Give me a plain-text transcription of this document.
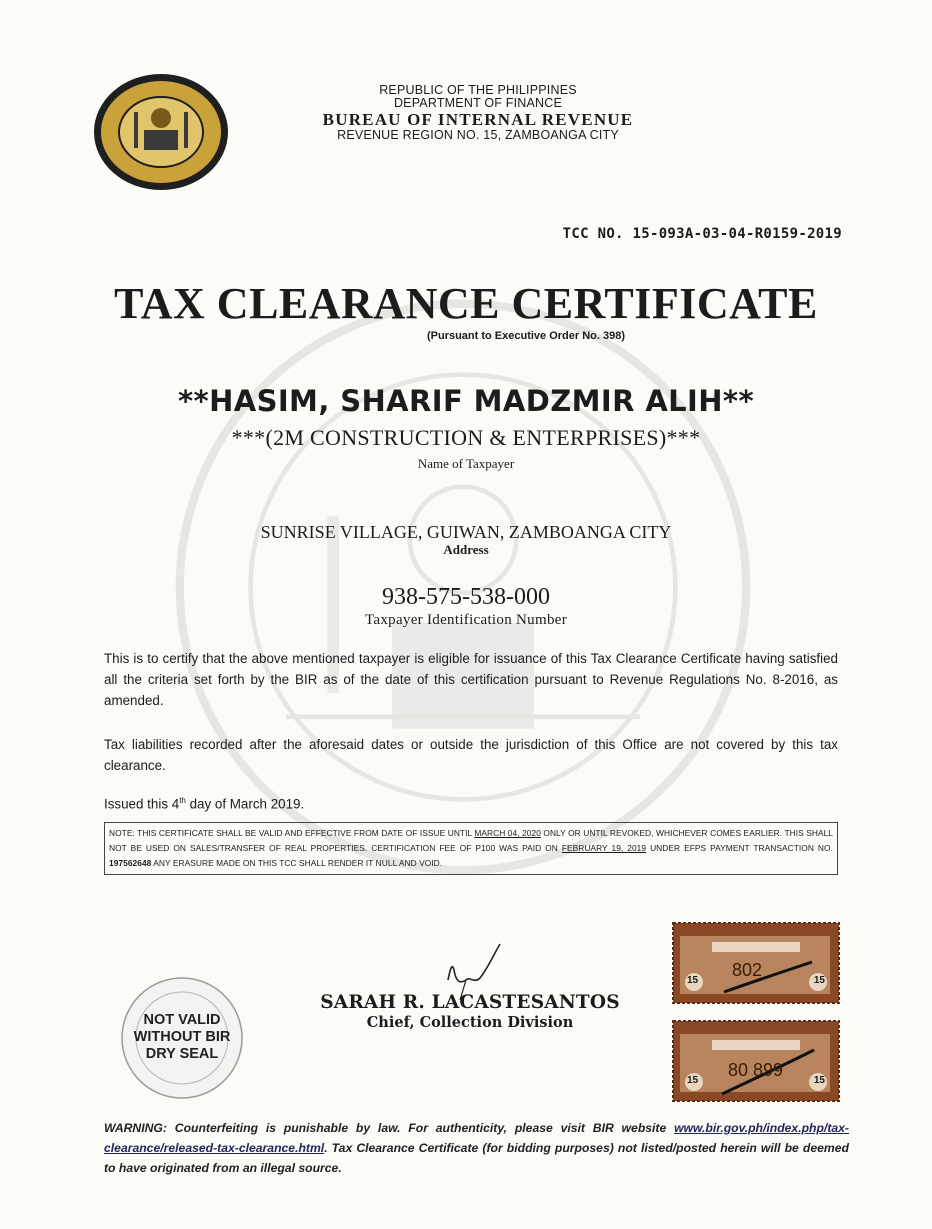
REPUBLIC OF THE PHILIPPINES
DEPARTMENT OF FINANCE
BUREAU OF INTERNAL REVENUE
REVENUE REGION NO. 15, ZAMBOANGA CITY
TCC NO. 15-093A-03-04-R0159-2019
TAX CLEARANCE CERTIFICATE
(Pursuant to Executive Order No. 398)
**HASIM, SHARIF MADZMIR ALIH**
***(2M CONSTRUCTION & ENTERPRISES)***
Name of Taxpayer
SUNRISE VILLAGE, GUIWAN, ZAMBOANGA CITY
Address
938-575-538-000
Taxpayer Identification Number
This is to certify that the above mentioned taxpayer is eligible for issuance of this Tax Clearance Certificate having satisfied all the criteria set forth by the BIR as of the date of this certification pursuant to Revenue Regulations No. 8-2016, as amended.
Tax liabilities recorded after the aforesaid dates or outside the jurisdiction of this Office are not covered by this tax clearance.
Issued this 4th day of March 2019.
NOTE: THIS CERTIFICATE SHALL BE VALID AND EFFECTIVE FROM DATE OF ISSUE UNTIL MARCH 04, 2020 ONLY OR UNTIL REVOKED, WHICHEVER COMES EARLIER. THIS SHALL NOT BE USED ON SALES/TRANSFER OF REAL PROPERTIES. CERTIFICATION FEE OF P100 WAS PAID ON FEBRUARY 19, 2019 UNDER EFPS PAYMENT TRANSACTION NO. 197562648 ANY ERASURE MADE ON THIS TCC SHALL RENDER IT NULL AND VOID.
NOT VALID
WITHOUT BIR
DRY SEAL
SARAH R. LACASTESANTOS
Chief, Collection Division
15	15
802
15	15
80 899
WARNING: Counterfeiting is punishable by law. For authenticity, please visit BIR website www.bir.gov.ph/index.php/tax-clearance/released-tax-clearance.html. Tax Clearance Certificate (for bidding purposes) not listed/posted herein will be deemed to have originated from an illegal source.
